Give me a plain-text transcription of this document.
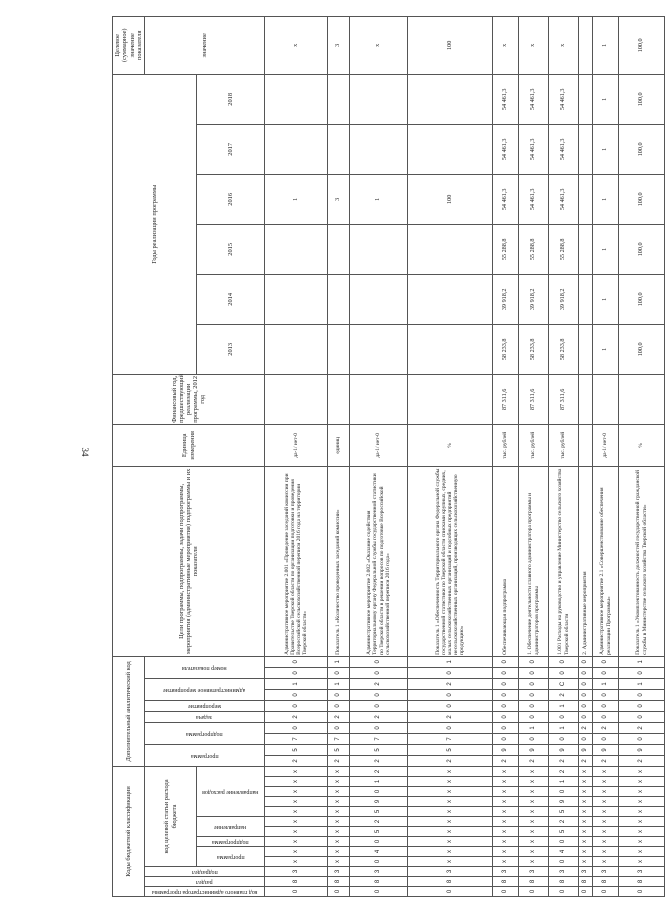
34
Коды бюджетной классификации													Дополнительный аналитический код										Цели программы, подпрограммы, задачи подпрограммы, мероприятия (административные мероприятия) подпрограммы и их показатели	Единица измерения	Финансовый год, предшествующий реализации программы, 2012 год	Годы реализации программы						Целевое (суммарное) значение показателя

код главного администратора программы	раздел	подраздел	код целевой статьи расхода бюджета										программа		подпрограмма		задача	мероприятие	административное мероприятие		номер показателя											значение

			программа		подпрограмма	направление		направление расходов																		2013	2014	2015	2016	2017	2018	
0	8	3	х	х	х	х	х	х	х	х	х	х	2	5	7	0	2	0	0	1	0	0	Административное мероприятие 2.001 «Проведение заседаний комиссии при Правительстве Тверской области по организации подготовки и проведения Всероссийской сельскохозяйственной переписи 2016 года на территории Тверской области»	да-1/ нет-0					1			х
0	8	3	х	х	х	х	х	х	х	х	х	х	2	5	7	0	2	0	0	1	0	1	Показатель 1 «Количество проведенных заседаний комиссии»	единиц					3			3
0	8	3	0	4	0	5	2	5	9	0	1	2	2	5	7	0	2	0	0	2	0	0	Административное мероприятие 2.002 «Оказание содействия Территориальному органу Федеральной службы государственной статистики по Тверской области в решении вопросов по подготовке Всероссийской сельскохозяйственной переписи 2016 года»	да-1/ нет-0					1			х
0	8	3	х	х	х	х	х	х	х	х	х	х	2	5	7	0	2	0	0	2	0	1	Показатель 1 «Обеспеченность Территориального органа Федеральной службы государственной статистики по Тверской области списками крупных, средних, малых сельскохозяйственных организаций и подсобных предприятий несельскохозяйственных организаций, производящих сельскохозяйственную продукцию»	%					100			100
0	8	3	х	х	х	х	х	х	х	х	х	х	2	9	0	0	0	0	0	0	0	0	Обеспечивающая подпрограмма	тыс. рублей	87 311,6	58 233,8	39 918,2	55 288,8	54 461,3	54 461,3	54 461,3	х
0	8	3	х	х	х	х	х	х	х	х	х	х	2	9	0	1	0	0	0	0	0	0	1. Обеспечение деятельности главного администратора программы и администраторов программы	тыс. рублей	87 311,6	58 233,8	39 918,2	55 288,8	54 461,3	54 461,3	54 461,3	х
0	8	3	0	4	0	5	2	5	9	0	1	2	2	9	0	1	0	1	2	С	0	0	1.001 Расходы на руководство и управление Министерство сельского хозяйства Тверской области	тыс. рублей	87 311,6	58 233,8	39 918,2	55 288,8	54 461,3	54 461,3	54 461,3	х
0	8	3	х	х	х	х	х	х	х	х	х	х	2	9	0	2	0	0	0	0	0	0	2. Административные мероприятия									
0	8	3	х	х	х	х	х	х	х	х	х	х	2	9	0	2	0	0	0	1	0	0	Административное мероприятие 2.1 «Совершенствование обеспечения реализации Программы»	да-1/ нет-0		1	1	1	1	1	1	1
0	8	3	х	х	х	х	х	х	х	х	х	х	2	9	0	2	0	0	0	1	0	1	Показатель 1 «Укомплектованность должностей государственной гражданской службы в Министерстве сельского хозяйства Тверской области»	%		100,0	100,0	100,0	100,0	100,0	100,0	100,0
